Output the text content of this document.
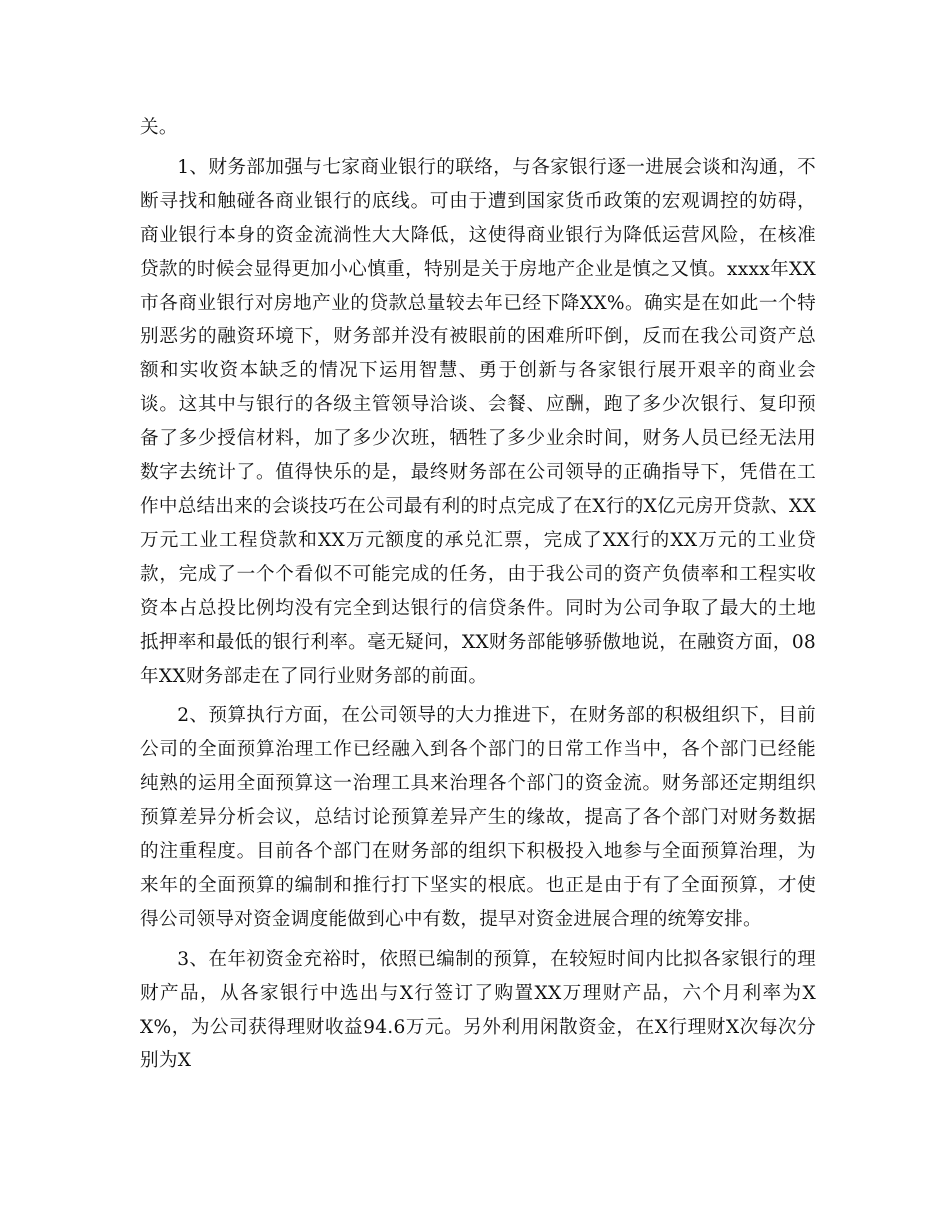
关。

1、财务部加强与七家商业银行的联络，与各家银行逐一进展会谈和沟通，不断寻找和触碰各商业银行的底线。可由于遭到国家货币政策的宏观调控的妨碍，商业银行本身的资金流淌性大大降低，这使得商业银行为降低运营风险，在核准贷款的时候会显得更加小心慎重，特别是关于房地产企业是慎之又慎。xxxx年XX市各商业银行对房地产业的贷款总量较去年已经下降XX%。确实是在如此一个特别恶劣的融资环境下，财务部并没有被眼前的困难所吓倒，反而在我公司资产总额和实收资本缺乏的情况下运用智慧、勇于创新与各家银行展开艰辛的商业会谈。这其中与银行的各级主管领导洽谈、会餐、应酬，跑了多少次银行、复印预备了多少授信材料，加了多少次班，牺牲了多少业余时间，财务人员已经无法用数字去统计了。值得快乐的是，最终财务部在公司领导的正确指导下，凭借在工作中总结出来的会谈技巧在公司最有利的时点完成了在X行的X亿元房开贷款、XX万元工业工程贷款和XX万元额度的承兑汇票，完成了XX行的XX万元的工业贷款，完成了一个个看似不可能完成的任务，由于我公司的资产负债率和工程实收资本占总投比例均没有完全到达银行的信贷条件。同时为公司争取了最大的土地抵押率和最低的银行利率。毫无疑问，XX财务部能够骄傲地说，在融资方面，08年XX财务部走在了同行业财务部的前面。

2、预算执行方面，在公司领导的大力推进下，在财务部的积极组织下，目前公司的全面预算治理工作已经融入到各个部门的日常工作当中，各个部门已经能纯熟的运用全面预算这一治理工具来治理各个部门的资金流。财务部还定期组织预算差异分析会议，总结讨论预算差异产生的缘故，提高了各个部门对财务数据的注重程度。目前各个部门在财务部的组织下积极投入地参与全面预算治理，为来年的全面预算的编制和推行打下坚实的根底。也正是由于有了全面预算，才使得公司领导对资金调度能做到心中有数，提早对资金进展合理的统筹安排。

3、在年初资金充裕时，依照已编制的预算，在较短时间内比拟各家银行的理财产品，从各家银行中选出与X行签订了购置XX万理财产品，六个月利率为XX%，为公司获得理财收益94.6万元。另外利用闲散资金，在X行理财X次每次分别为X
